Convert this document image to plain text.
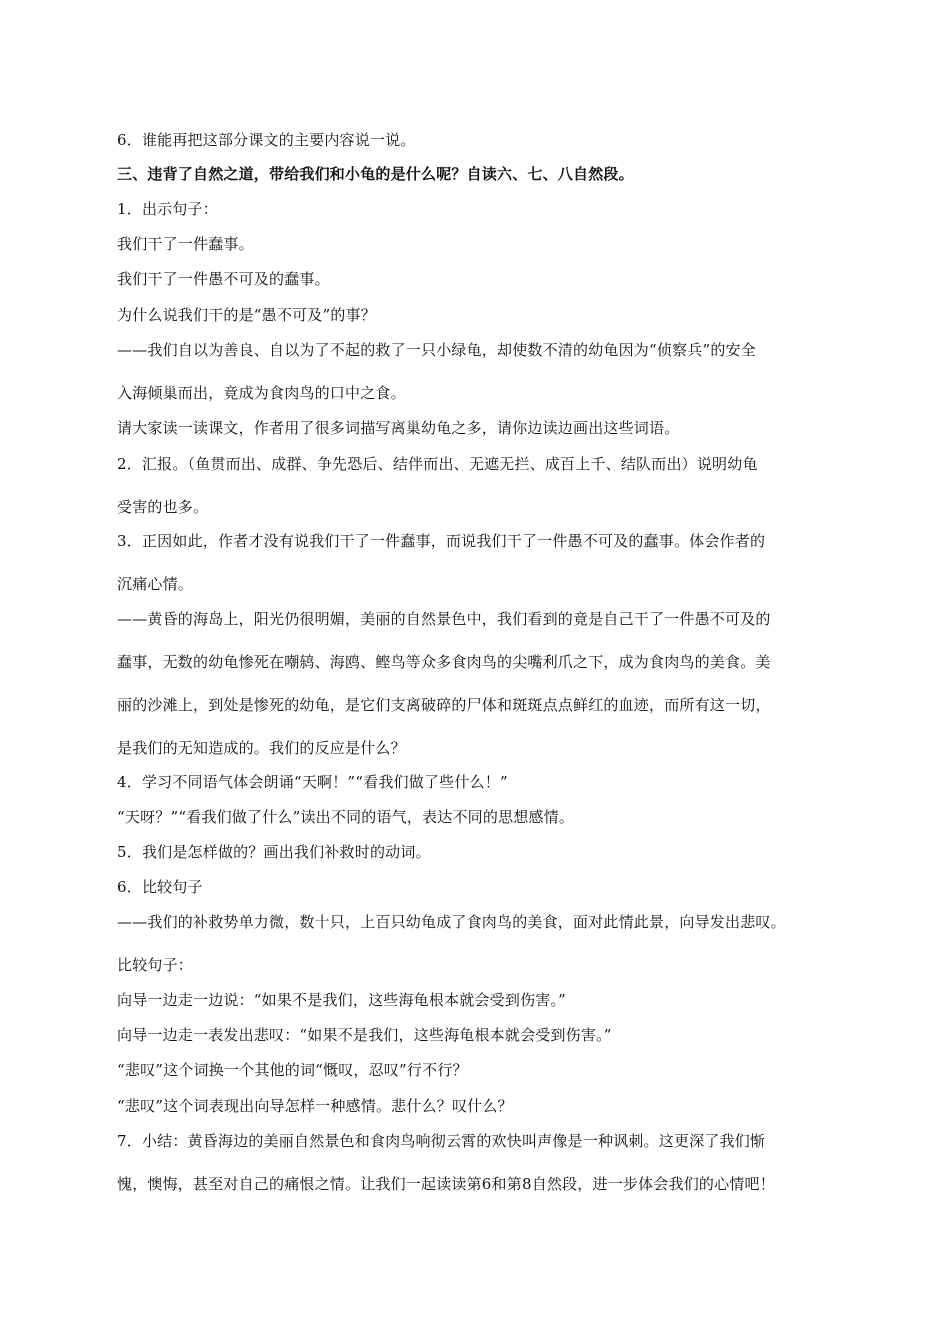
6．谁能再把这部分课文的主要内容说一说。
三、违背了自然之道，带给我们和小龟的是什么呢？自读六、七、八自然段。
1．出示句子：
我们干了一件蠢事。
我们干了一件愚不可及的蠢事。
为什么说我们干的是“愚不可及”的事？
——我们自以为善良、自以为了不起的救了一只小绿龟，却使数不清的幼龟因为“侦察兵”的安全
入海倾巢而出，竟成为食肉鸟的口中之食。
请大家读一读课文，作者用了很多词描写离巢幼龟之多，请你边读边画出这些词语。
2．汇报。（鱼贯而出、成群、争先恐后、结伴而出、无遮无拦、成百上千、结队而出）说明幼龟
受害的也多。
3．正因如此，作者才没有说我们干了一件蠢事，而说我们干了一件愚不可及的蠢事。体会作者的
沉痛心情。
——黄昏的海岛上，阳光仍很明媚，美丽的自然景色中，我们看到的竟是自己干了一件愚不可及的
蠢事，无数的幼龟惨死在嘲鸫、海鸥、鲣鸟等众多食肉鸟的尖嘴利爪之下，成为食肉鸟的美食。美
丽的沙滩上，到处是惨死的幼龟，是它们支离破碎的尸体和斑斑点点鲜红的血迹，而所有这一切，
是我们的无知造成的。我们的反应是什么？
4．学习不同语气体会朗诵“天啊！”“看我们做了些什么！”
“天呀？”“看我们做了什么”读出不同的语气，表达不同的思想感情。
5．我们是怎样做的？画出我们补救时的动词。
6．比较句子
——我们的补救势单力微，数十只，上百只幼龟成了食肉鸟的美食，面对此情此景，向导发出悲叹。
比较句子：
向导一边走一边说：“如果不是我们，这些海龟根本就会受到伤害。”
向导一边走一表发出悲叹：“如果不是我们，这些海龟根本就会受到伤害。”
“悲叹”这个词换一个其他的词“慨叹，忍叹”行不行？
“悲叹”这个词表现出向导怎样一种感情。悲什么？叹什么？
7．小结：黄昏海边的美丽自然景色和食肉鸟响彻云霄的欢快叫声像是一种讽刺。这更深了我们惭
愧，懊悔，甚至对自己的痛恨之情。让我们一起读读第6和第8自然段，进一步体会我们的心情吧！
